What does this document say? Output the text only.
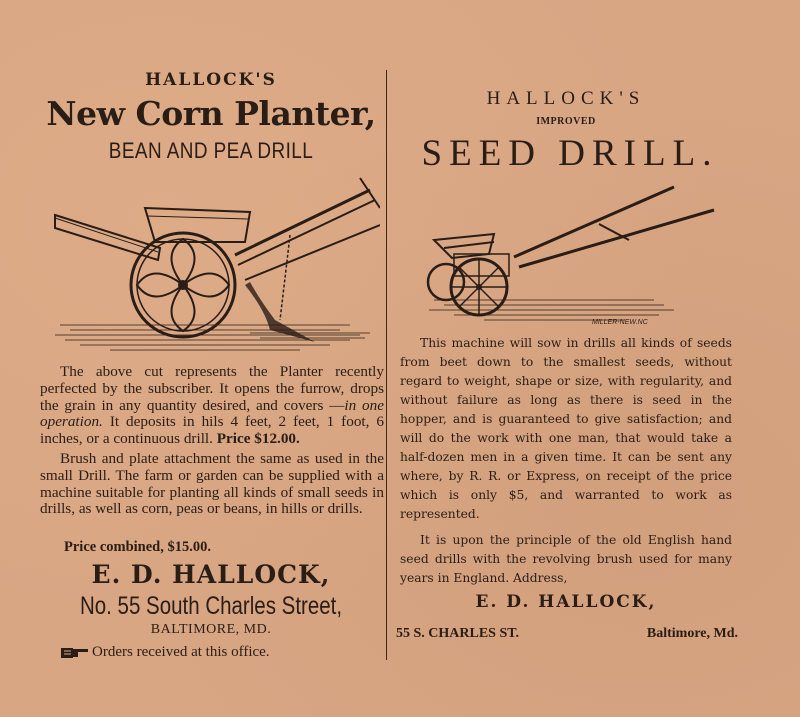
HALLOCK'S
New Corn Planter,
BEAN AND PEA DRILL

The above cut represents the Planter recently perfected by the subscriber. It opens the furrow, drops the grain in any quantity desired, and covers —in one operation. It deposits in hils 4 feet, 2 feet, 1 foot, 6 inches, or a continuous drill. Price $12.00.

Brush and plate attachment the same as used in the small Drill. The farm or garden can be supplied with a machine suitable for planting all kinds of small seeds in drills, as well as corn, peas or beans, in hills or drills.

Price combined, $15.00.
E. D. HALLOCK,
No. 55 South Charles Street,
BALTIMORE, MD.
Orders received at this office.
HALLOCK'S
IMPROVED
SEED DRILL.
MILLER-NEW.NC

This machine will sow in drills all kinds of seeds from beet down to the smallest seeds, without regard to weight, shape or size, with regularity, and without failure as long as there is seed in the hopper, and is guaranteed to give satisfaction; and will do the work with one man, that would take a half-dozen men in a given time. It can be sent any where, by R. R. or Express, on receipt of the price which is only $5, and warranted to work as represented.

It is upon the principle of the old English hand seed drills with the revolving brush used for many years in England. Address,

E. D. HALLOCK,
55 S. CHARLES ST.	Baltimore, Md.
